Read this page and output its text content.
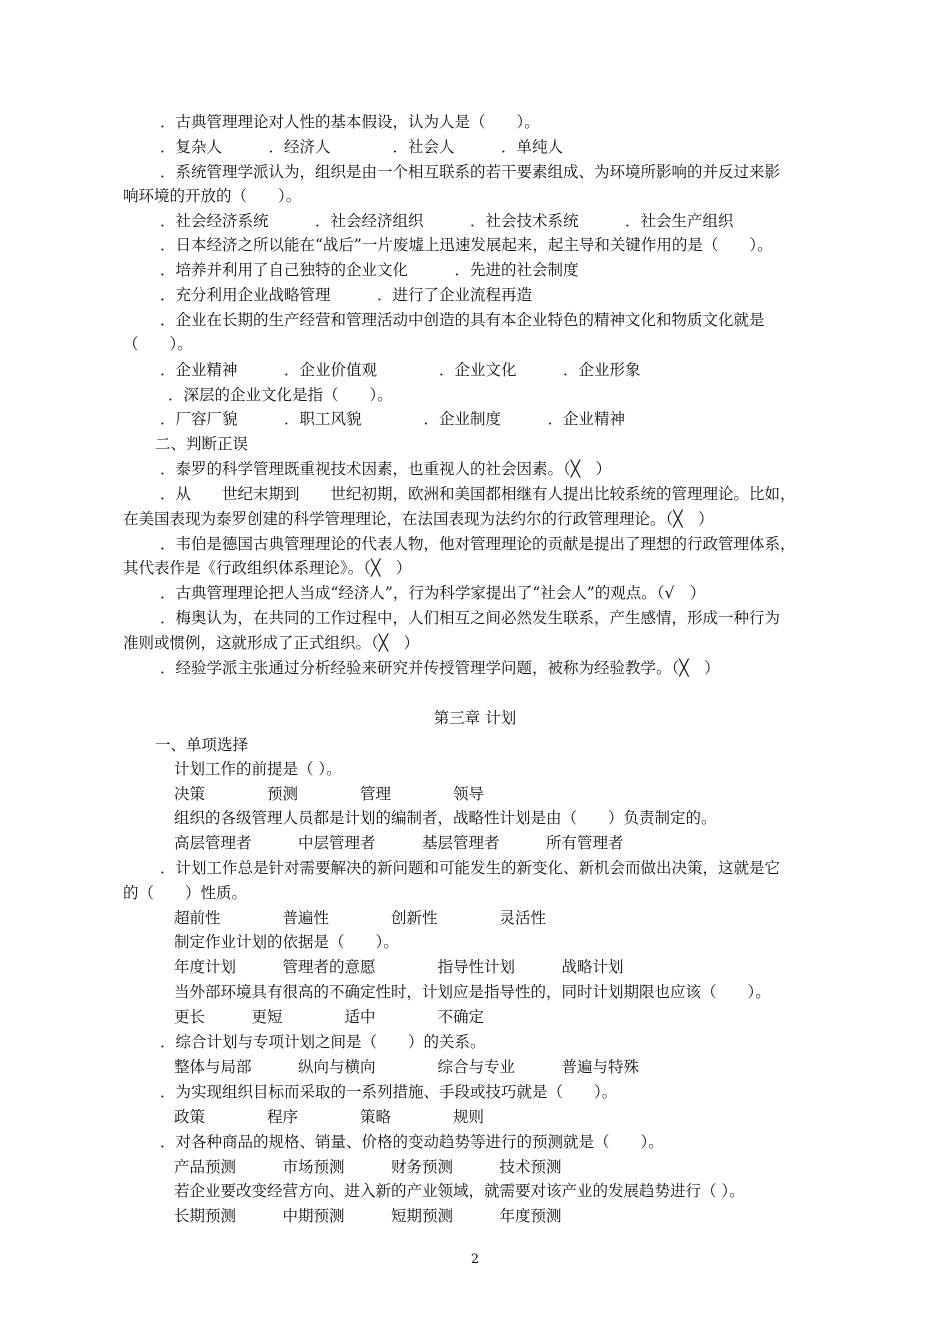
．古典管理理论对人性的基本假设，认为人是（　　）。
．复杂人　　　．经济人　　　　．社会人　　　．单纯人
．系统管理学派认为，组织是由一个相互联系的若干要素组成、为环境所影响的并反过来影
响环境的开放的（　　）。
．社会经济系统　　　．社会经济组织　　　．社会技术系统　　　．社会生产组织
．日本经济之所以能在“战后”一片废墟上迅速发展起来，起主导和关键作用的是（　　）。
．培养并利用了自己独特的企业文化　　　．先进的社会制度
．充分利用企业战略管理　　　．进行了企业流程再造
．企业在长期的生产经营和管理活动中创造的具有本企业特色的精神文化和物质文化就是
（　　）。
．企业精神　　　．企业价值观　　　　．企业文化　　　．企业形象
．深层的企业文化是指（　　）。
．厂容厂貌　　　．职工风貌　　　　．企业制度　　　．企业精神
二、判断正误
．泰罗的科学管理既重视技术因素，也重视人的社会因素。（╳　）
．从　　世纪末期到　　世纪初期，欧洲和美国都相继有人提出比较系统的管理理论。比如，
在美国表现为泰罗创建的科学管理理论，在法国表现为法约尔的行政管理理论。（╳　）
．韦伯是德国古典管理理论的代表人物，他对管理理论的贡献是提出了理想的行政管理体系，
其代表作是《行政组织体系理论》。（╳　）
．古典管理理论把人当成“经济人”，行为科学家提出了“社会人”的观点。（√　）
．梅奥认为，在共同的工作过程中，人们相互之间必然发生联系，产生感情，形成一种行为
准则或惯例，这就形成了正式组织。（╳　）
．经验学派主张通过分析经验来研究并传授管理学问题，被称为经验教学。（╳　）
第三章 计划
一、单项选择
计划工作的前提是（ ）。
决策　　　　预测　　　　管理　　　　领导
组织的各级管理人员都是计划的编制者，战略性计划是由（　　）负责制定的。
高层管理者　　　中层管理者　　　基层管理者　　　所有管理者
．计划工作总是针对需要解决的新问题和可能发生的新变化、新机会而做出决策，这就是它
的（　　）性质。
超前性　　　　普遍性　　　　创新性　　　　灵活性
制定作业计划的依据是（　　）。
年度计划　　　管理者的意愿　　　　指导性计划　　　战略计划
当外部环境具有很高的不确定性时，计划应是指导性的，同时计划期限也应该（　　）。
更长　　　更短　　　　适中　　　　不确定
．综合计划与专项计划之间是（　　）的关系。
整体与局部　　　纵向与横向　　　　综合与专业　　　普遍与特殊
．为实现组织目标而采取的一系列措施、手段或技巧就是（　　）。
政策　　　　程序　　　　策略　　　　规则
．对各种商品的规格、销量、价格的变动趋势等进行的预测就是（　　）。
产品预测　　　市场预测　　　财务预测　　　技术预测
若企业要改变经营方向、进入新的产业领域，就需要对该产业的发展趋势进行（ ）。
长期预测　　　中期预测　　　短期预测　　　年度预测
2
